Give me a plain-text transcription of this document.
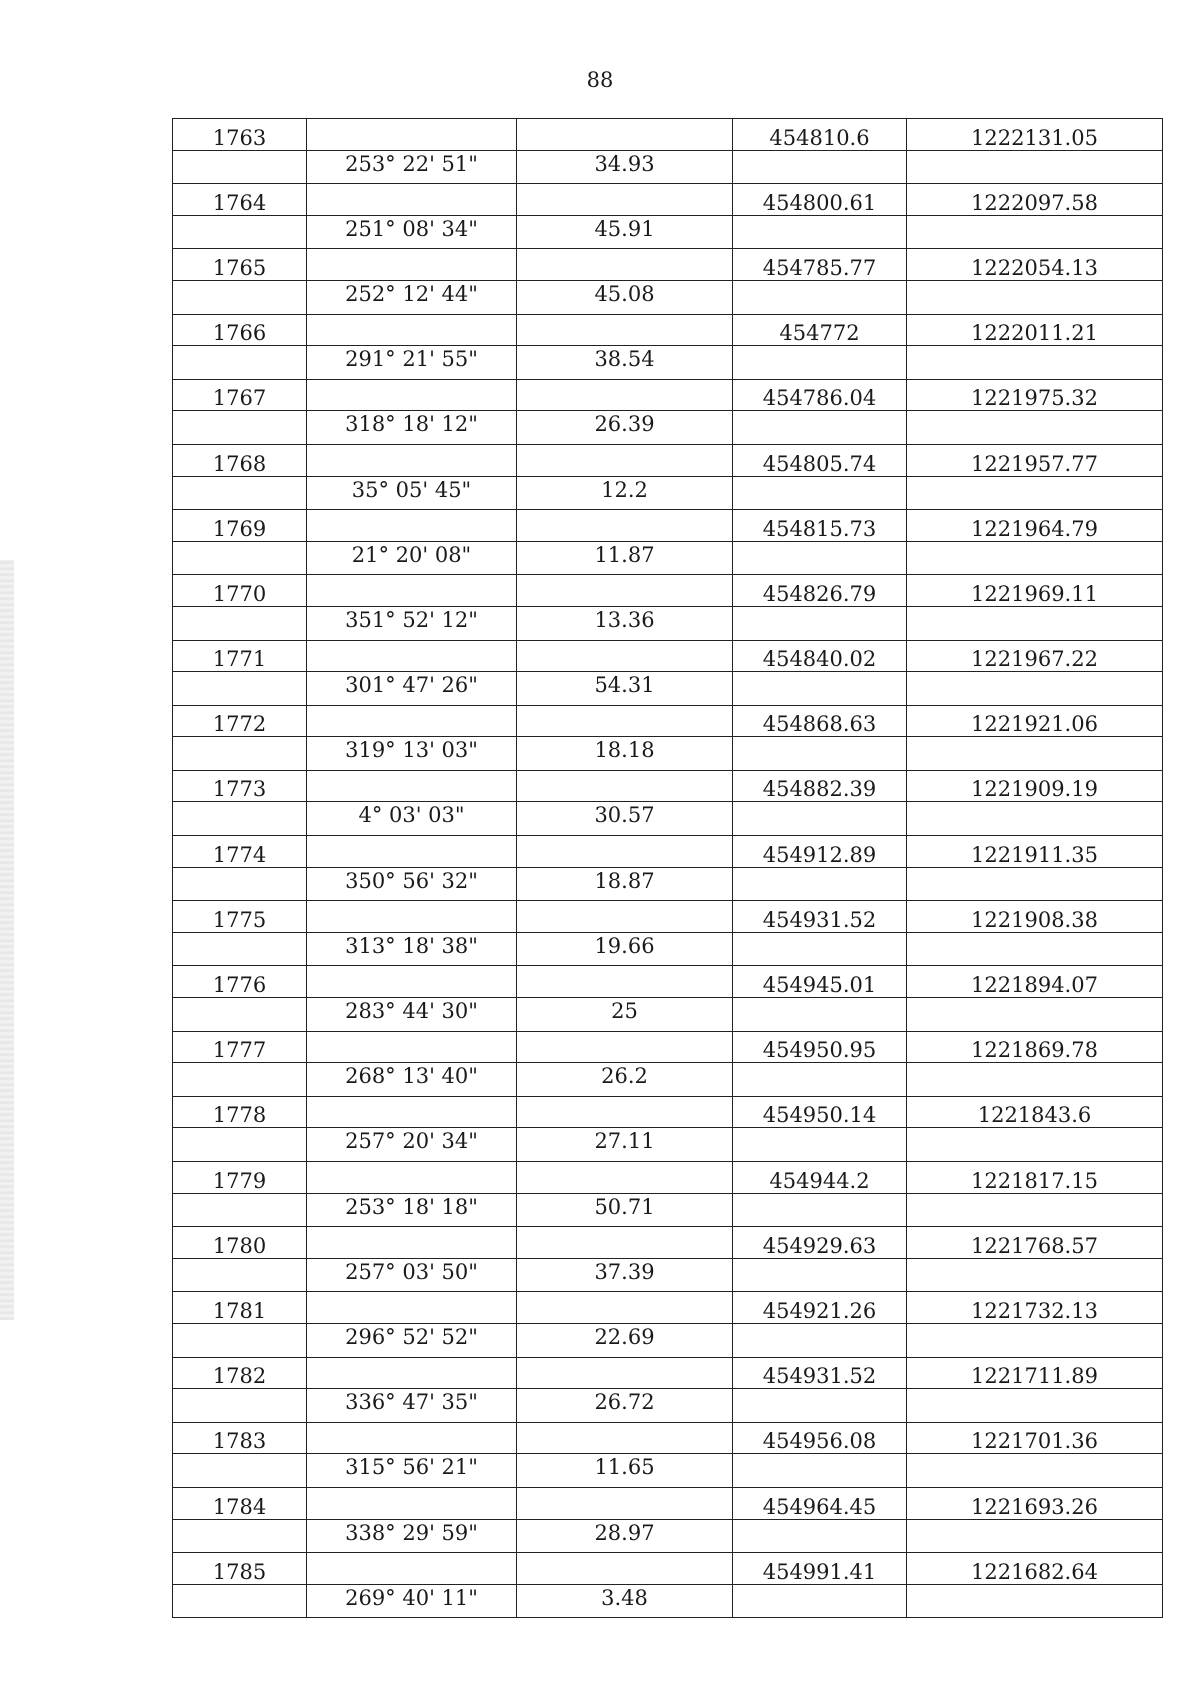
88
1763			454810.6	1222131.05
	253° 22' 51"	34.93		
1764			454800.61	1222097.58
	251° 08' 34"	45.91		
1765			454785.77	1222054.13
	252° 12' 44"	45.08		
1766			454772	1222011.21
	291° 21' 55"	38.54		
1767			454786.04	1221975.32
	318° 18' 12"	26.39		
1768			454805.74	1221957.77
	35° 05' 45"	12.2		
1769			454815.73	1221964.79
	21° 20' 08"	11.87		
1770			454826.79	1221969.11
	351° 52' 12"	13.36		
1771			454840.02	1221967.22
	301° 47' 26"	54.31		
1772			454868.63	1221921.06
	319° 13' 03"	18.18		
1773			454882.39	1221909.19
	4° 03' 03"	30.57		
1774			454912.89	1221911.35
	350° 56' 32"	18.87		
1775			454931.52	1221908.38
	313° 18' 38"	19.66		
1776			454945.01	1221894.07
	283° 44' 30"	25		
1777			454950.95	1221869.78
	268° 13' 40"	26.2		
1778			454950.14	1221843.6
	257° 20' 34"	27.11		
1779			454944.2	1221817.15
	253° 18' 18"	50.71		
1780			454929.63	1221768.57
	257° 03' 50"	37.39		
1781			454921.26	1221732.13
	296° 52' 52"	22.69		
1782			454931.52	1221711.89
	336° 47' 35"	26.72		
1783			454956.08	1221701.36
	315° 56' 21"	11.65		
1784			454964.45	1221693.26
	338° 29' 59"	28.97		
1785			454991.41	1221682.64
	269° 40' 11"	3.48		
